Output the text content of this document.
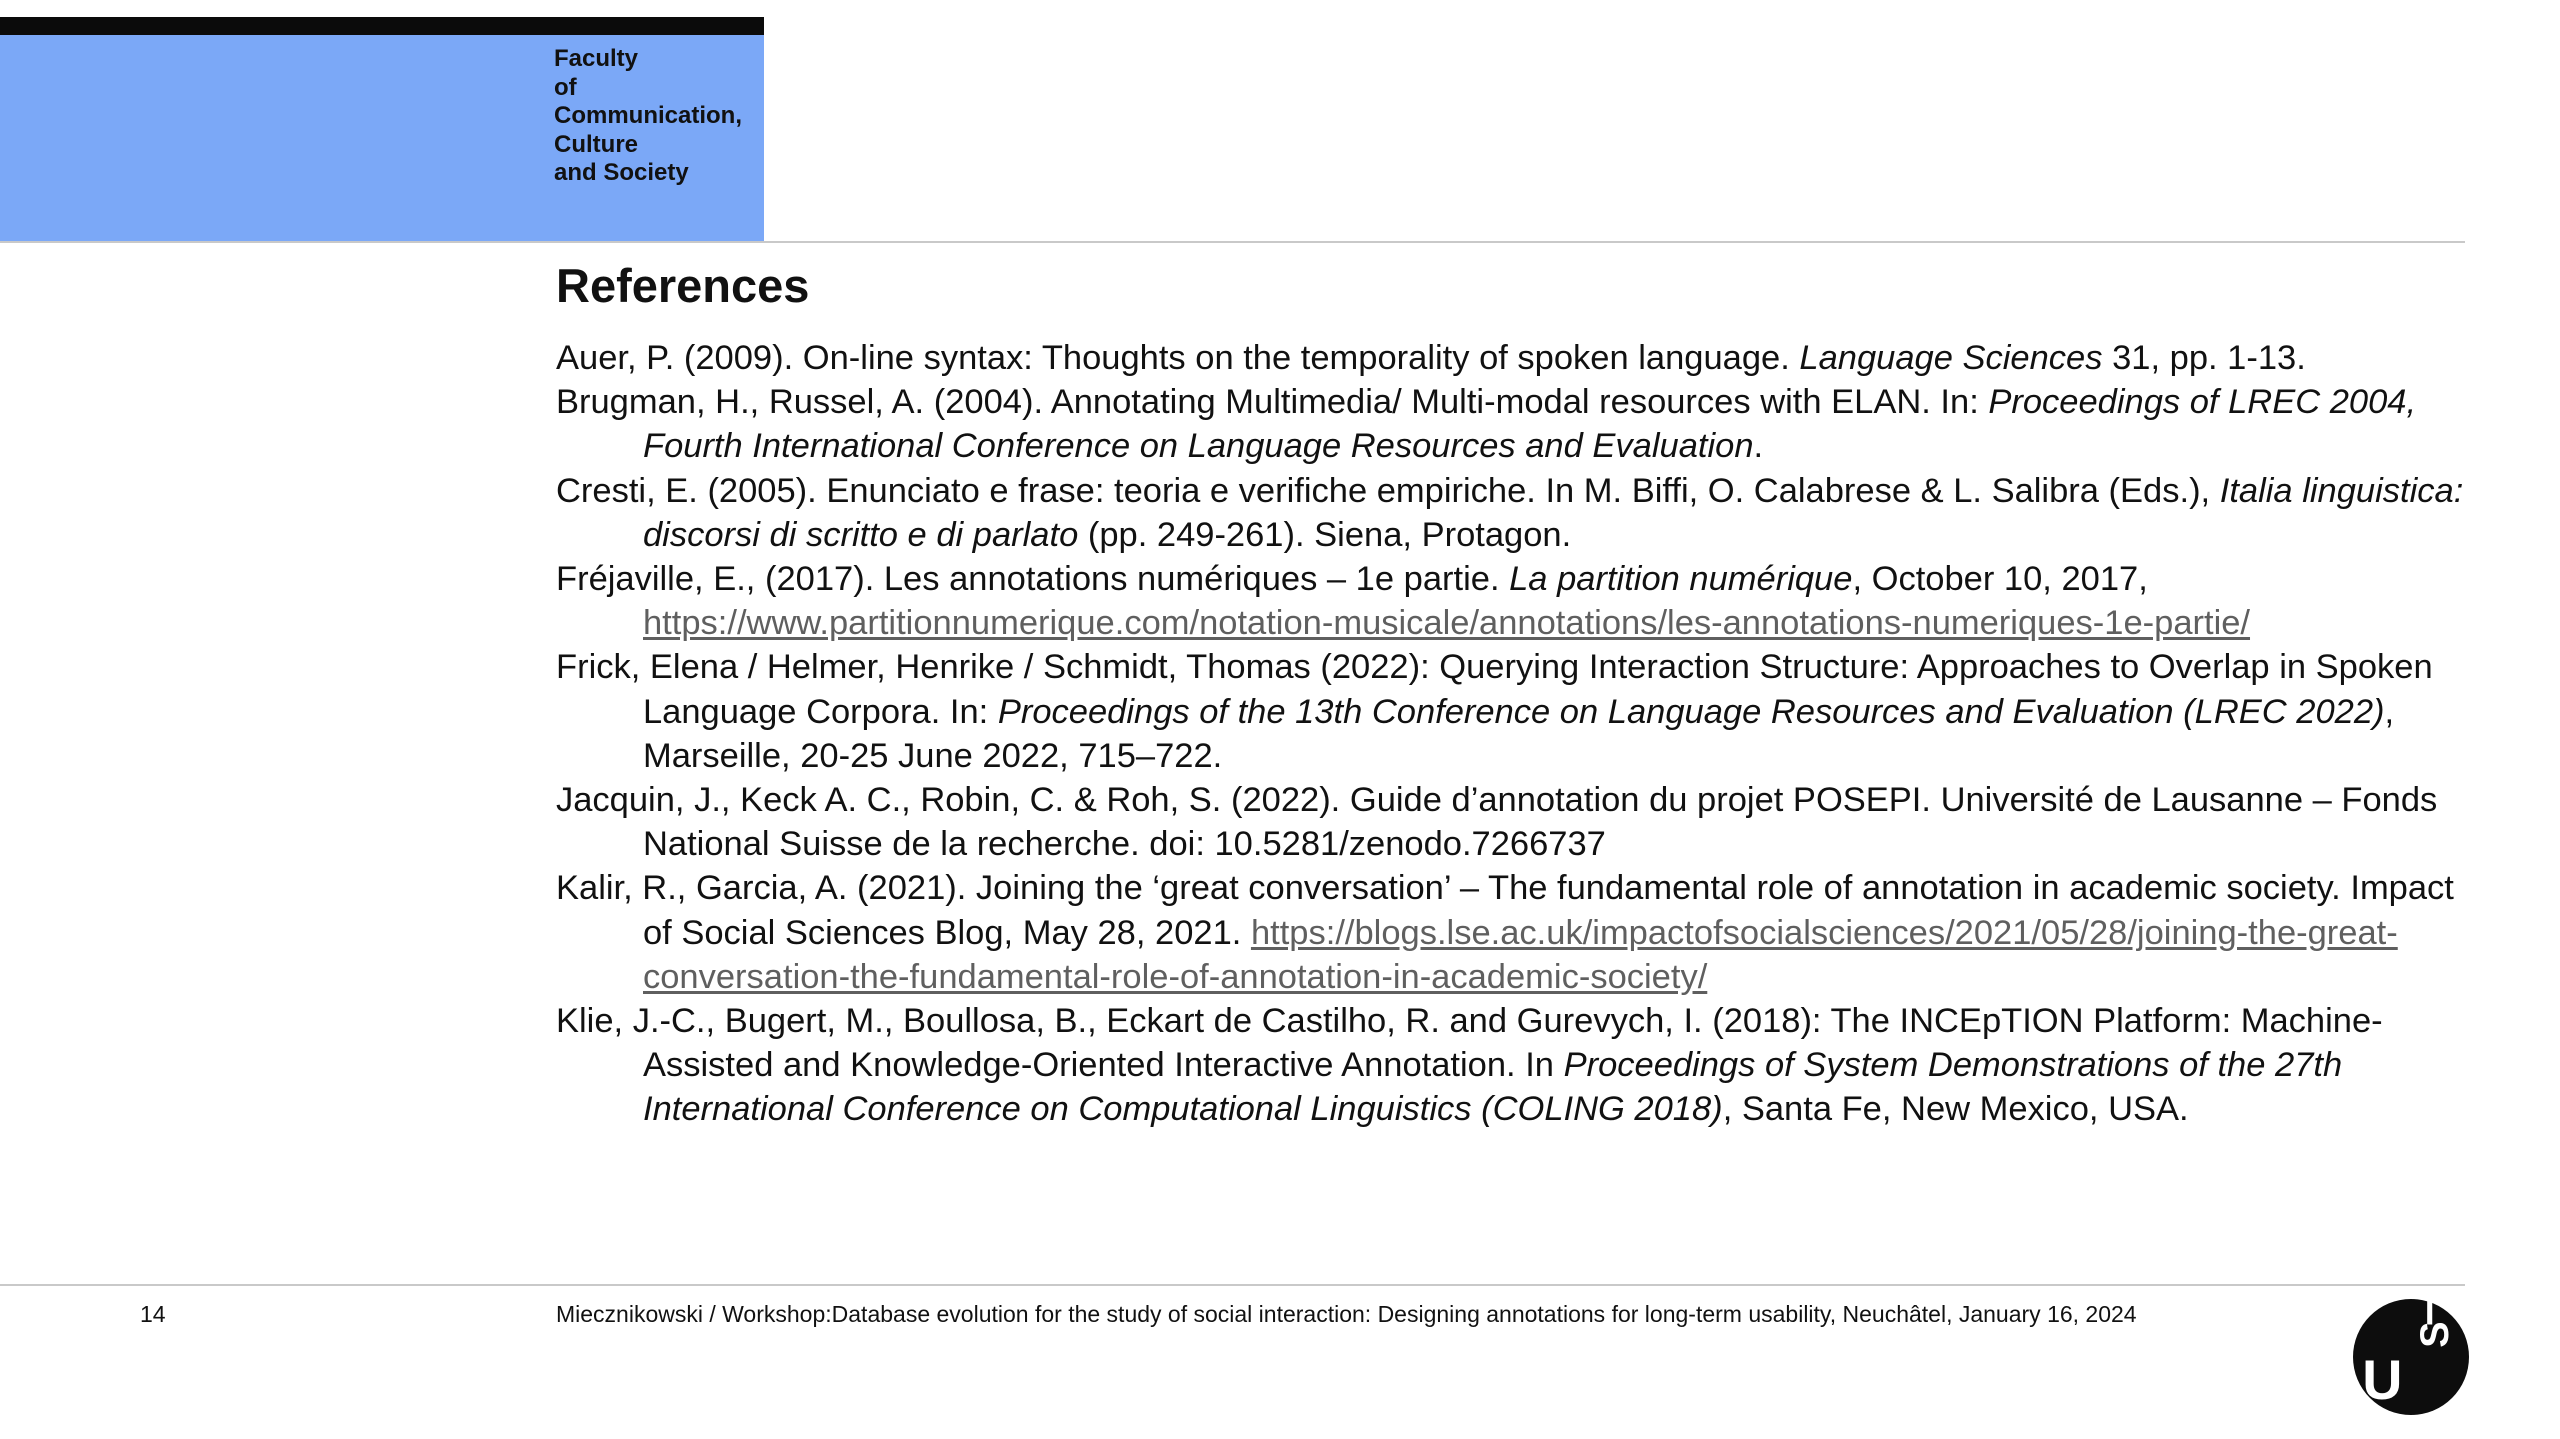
Faculty
of
Communication,
Culture
and Society

References
Auer, P. (2009). On-line syntax: Thoughts on the temporality of spoken language. Language Sciences 31, pp. 1-13.
Brugman, H., Russel, A. (2004). Annotating Multimedia/ Multi-modal resources with ELAN. In: Proceedings of LREC 2004, Fourth International Conference on Language Resources and Evaluation.
Cresti, E. (2005). Enunciato e frase: teoria e verifiche empiriche. In M. Biffi, O. Calabrese & L. Salibra (Eds.), Italia linguistica: discorsi di scritto e di parlato (pp. 249-261). Siena, Protagon.
Fréjaville, E., (2017). Les annotations numériques – 1e partie. La partition numérique, October 10, 2017, https://www.partitionnumerique.com/notation-musicale/annotations/les-annotations-numeriques-1e-partie/
Frick, Elena / Helmer, Henrike / Schmidt, Thomas (2022): Querying Interaction Structure: Approaches to Overlap in Spoken Language Corpora. In: Proceedings of the 13th Conference on Language Resources and Evaluation (LREC 2022), Marseille, 20-25 June 2022, 715–722.
Jacquin, J., Keck A. C., Robin, C. & Roh, S. (2022). Guide d’annotation du projet POSEPI. Université de Lausanne – Fonds National Suisse de la recherche. doi: 10.5281/zenodo.7266737
Kalir, R., Garcia, A. (2021). Joining the ‘great conversation’ – The fundamental role of annotation in academic society. Impact of Social Sciences Blog, May 28, 2021. https://blogs.lse.ac.uk/impactofsocialsciences/2021/05/28/joining-the-great-conversation-the-fundamental-role-of-annotation-in-academic-society/
Klie, J.-C., Bugert, M., Boullosa, B., Eckart de Castilho, R. and Gurevych, I. (2018): The INCEpTION Platform: Machine-Assisted and Knowledge-Oriented Interactive Annotation. In Proceedings of System Demonstrations of the 27th International Conference on Computational Linguistics (COLING 2018), Santa Fe, New Mexico, USA.
14	Miecznikowski / Workshop:Database evolution for the study of social interaction: Designing annotations for long-term usability, Neuchâtel, January 16, 2024
U
S
I
